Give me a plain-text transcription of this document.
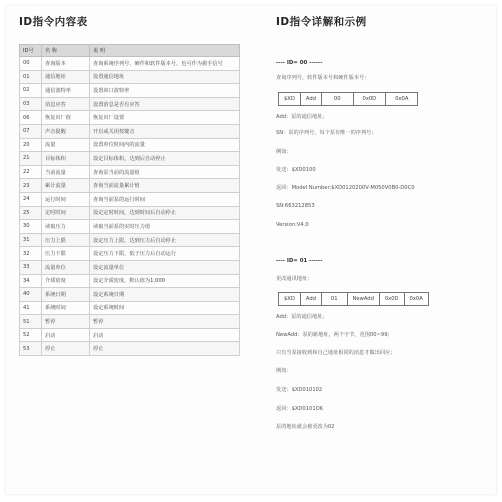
ID指令内容表	ID指令详解和示例
ID号	名 称	说 明
00	查询版本	查询系统序列号，硬件和软件版本号，也可作为握手信号
01	通信地址	设置通信地址
02	通信波特率	设置串口波特率
03	消息应答	设置消息是否有应答
06	恢复出厂值	恢复出厂设置
07	声音提醒	开启或关闭按键音
20	流量	设置单位时间内的流量
21	目标体积	设定目标体积，达到后自动停止
22	当前流量	查询泵当前的流量值
23	累计流量	查询当前流量累计值
24	运行时间	查询当前泵的运行时间
25	定时时间	设定定时时间，达到时间后自动停止
30	读取压力	读取当前泵的实时压力值
31	压力上限	设定压力上限，达到压力后自动停止
32	压力下限	设定压力下限，低于压力后自动运行
33	流量单位	设定流量单位
34	介质密度	设定介质密度，默认值为1.000
40	系统日期	设定系统日期
41	系统时间	设定系统时间
51	暂停	暂停
52	启动	启动
53	停止	停止
---- ID= 00 ------
查询序列号，软件版本号和硬件版本号：
$XD	Add	00	0x0D	0x0A
Add：泵的通信地址；
SN：泵的序列号，每个泵有唯一的序列号；
例如：
发送：$XD0100
返回：Model Number:$XD0120200V-M050V0B0-D0C0
SN:66321285​3
Version:V4.0
---- ID= 01 ------
更改通讯地址：
$XD	Add	01	NewAdd	0x0D	0x0A
Add：泵的通信地址；
NewAdd：泵的新地址，两个字节，范围00~99；
只有当泵接收到和自己地址相同的消息才做出回应；
例如：
发送：$XD010102
返回：$XD0101OK
泵的地址就会被更改为02
